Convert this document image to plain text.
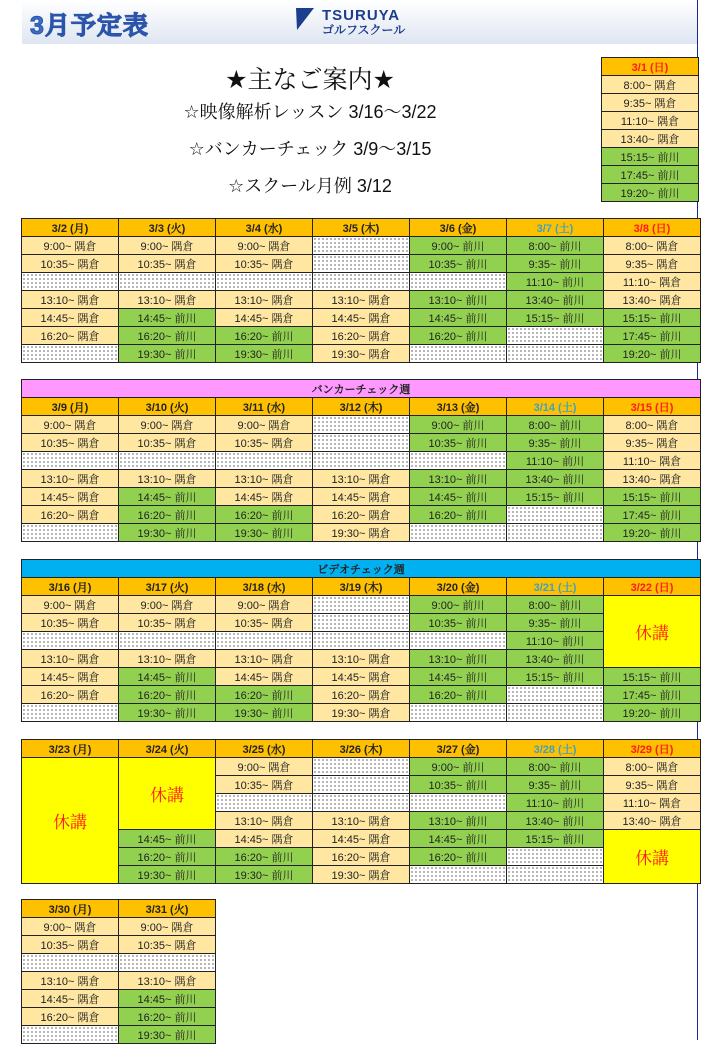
3月予定表	TSURUYA
ゴルフスクール
★主なご案内★
☆映像解析レッスン 3/16～3/22
☆バンカーチェック 3/9～3/15
☆スクール月例 3/12
3/1 (日)
8:00~ 隅倉
9:35~ 隅倉
11:10~ 隅倉
13:40~ 隅倉
15:15~ 前川
17:45~ 前川
19:20~ 前川
3/2 (月)
9:00~ 隅倉
10:35~ 隅倉
13:10~ 隅倉
14:45~ 隅倉
16:20~ 隅倉
3/3 (火)
9:00~ 隅倉
10:35~ 隅倉
13:10~ 隅倉
14:45~ 前川
16:20~ 前川
19:30~ 前川
3/4 (水)
9:00~ 隅倉
10:35~ 隅倉
13:10~ 隅倉
14:45~ 隅倉
16:20~ 前川
19:30~ 前川
3/5 (木)
13:10~ 隅倉
14:45~ 隅倉
16:20~ 隅倉
19:30~ 隅倉
3/6 (金)
9:00~ 前川
10:35~ 前川
13:10~ 前川
14:45~ 前川
16:20~ 前川
3/7 (土)
8:00~ 前川
9:35~ 前川
11:10~ 前川
13:40~ 前川
15:15~ 前川
3/8 (日)
8:00~ 隅倉
9:35~ 隅倉
11:10~ 隅倉
13:40~ 隅倉
15:15~ 前川
17:45~ 前川
19:20~ 前川
バンカーチェック週
3/9 (月)
9:00~ 隅倉
10:35~ 隅倉
13:10~ 隅倉
14:45~ 隅倉
16:20~ 隅倉
3/10 (火)
9:00~ 隅倉
10:35~ 隅倉
13:10~ 隅倉
14:45~ 前川
16:20~ 前川
19:30~ 前川
3/11 (水)
9:00~ 隅倉
10:35~ 隅倉
13:10~ 隅倉
14:45~ 隅倉
16:20~ 前川
19:30~ 前川
3/12 (木)
13:10~ 隅倉
14:45~ 隅倉
16:20~ 隅倉
19:30~ 隅倉
3/13 (金)
9:00~ 前川
10:35~ 前川
13:10~ 前川
14:45~ 前川
16:20~ 前川
3/14 (土)
8:00~ 前川
9:35~ 前川
11:10~ 前川
13:40~ 前川
15:15~ 前川
3/15 (日)
8:00~ 隅倉
9:35~ 隅倉
11:10~ 隅倉
13:40~ 隅倉
15:15~ 前川
17:45~ 前川
19:20~ 前川
ビデオチェック週
3/16 (月)
9:00~ 隅倉
10:35~ 隅倉
13:10~ 隅倉
14:45~ 隅倉
16:20~ 隅倉
3/17 (火)
9:00~ 隅倉
10:35~ 隅倉
13:10~ 隅倉
14:45~ 前川
16:20~ 前川
19:30~ 前川
3/18 (水)
9:00~ 隅倉
10:35~ 隅倉
13:10~ 隅倉
14:45~ 隅倉
16:20~ 前川
19:30~ 前川
3/19 (木)
13:10~ 隅倉
14:45~ 隅倉
16:20~ 隅倉
19:30~ 隅倉
3/20 (金)
9:00~ 前川
10:35~ 前川
13:10~ 前川
14:45~ 前川
16:20~ 前川
3/21 (土)
8:00~ 前川
9:35~ 前川
11:10~ 前川
13:40~ 前川
15:15~ 前川
3/22 (日)
休講
15:15~ 前川
17:45~ 前川
19:20~ 前川
3/23 (月)
休講
3/24 (火)
休講
14:45~ 前川
16:20~ 前川
19:30~ 前川
3/25 (水)
9:00~ 隅倉
10:35~ 隅倉
13:10~ 隅倉
14:45~ 隅倉
16:20~ 前川
19:30~ 前川
3/26 (木)
13:10~ 隅倉
14:45~ 隅倉
16:20~ 隅倉
19:30~ 隅倉
3/27 (金)
9:00~ 前川
10:35~ 前川
13:10~ 前川
14:45~ 前川
16:20~ 前川
3/28 (土)
8:00~ 前川
9:35~ 前川
11:10~ 前川
13:40~ 前川
15:15~ 前川
3/29 (日)
8:00~ 隅倉
9:35~ 隅倉
11:10~ 隅倉
13:40~ 隅倉
休講
3/30 (月)
9:00~ 隅倉
10:35~ 隅倉
13:10~ 隅倉
14:45~ 隅倉
16:20~ 隅倉
3/31 (火)
9:00~ 隅倉
10:35~ 隅倉
13:10~ 隅倉
14:45~ 前川
16:20~ 前川
19:30~ 前川
